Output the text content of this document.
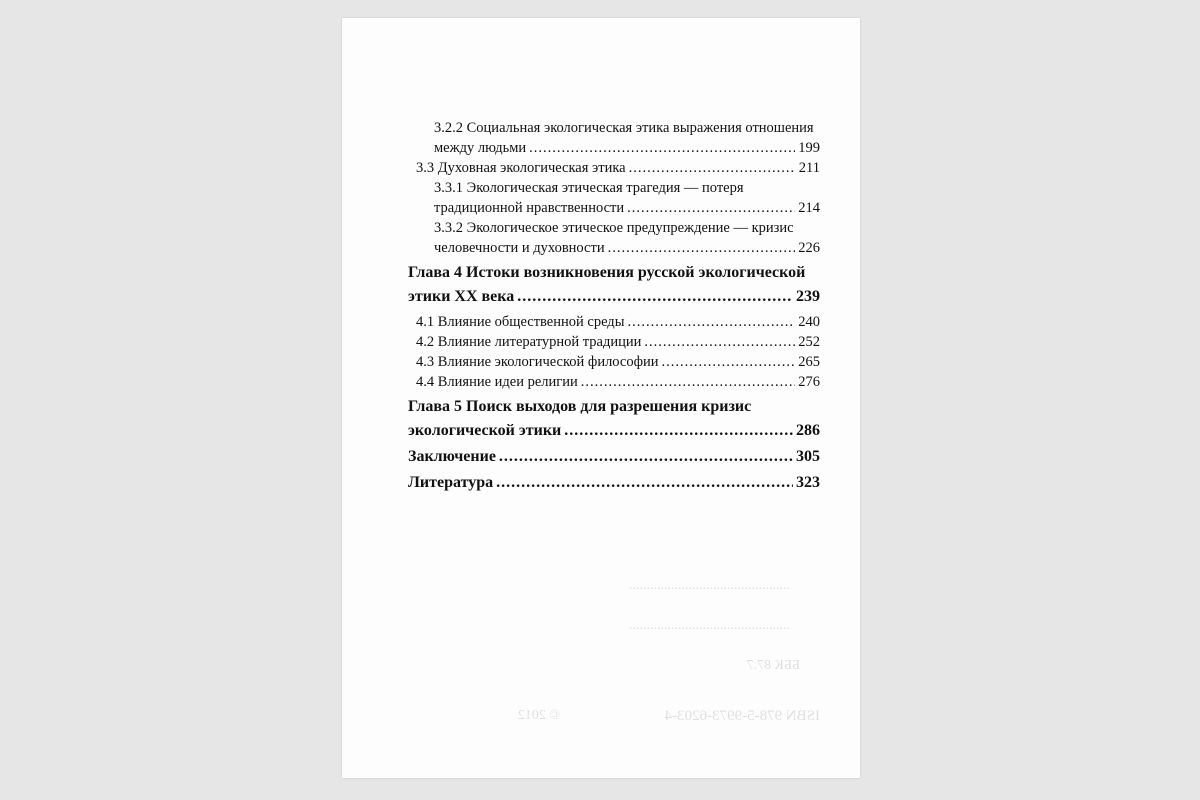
ISBN 978-5-9973-6203-4
© 2012
ББК 87.7
..............................................
..............................................
3.2.2 Социальная экологическая этика выражения отношения
между людьми .....	199
3.3 Духовная экологическая этика .....	211
3.3.1 Экологическая этическая трагедия — потеря
традиционной нравственности .....	214
3.3.2 Экологическое этическое предупреждение — кризис
человечности и духовности .....	226
Глава 4 Истоки возникновения русской экологической
этики XX века .....	239
4.1 Влияние общественной среды .....	240
4.2 Влияние литературной традиции .....	252
4.3 Влияние экологической философии .....	265
4.4 Влияние идеи религии .....	276
Глава 5 Поиск выходов для разрешения кризис
экологической этики .....	286
Заключение .....	305
Литература .....	323
